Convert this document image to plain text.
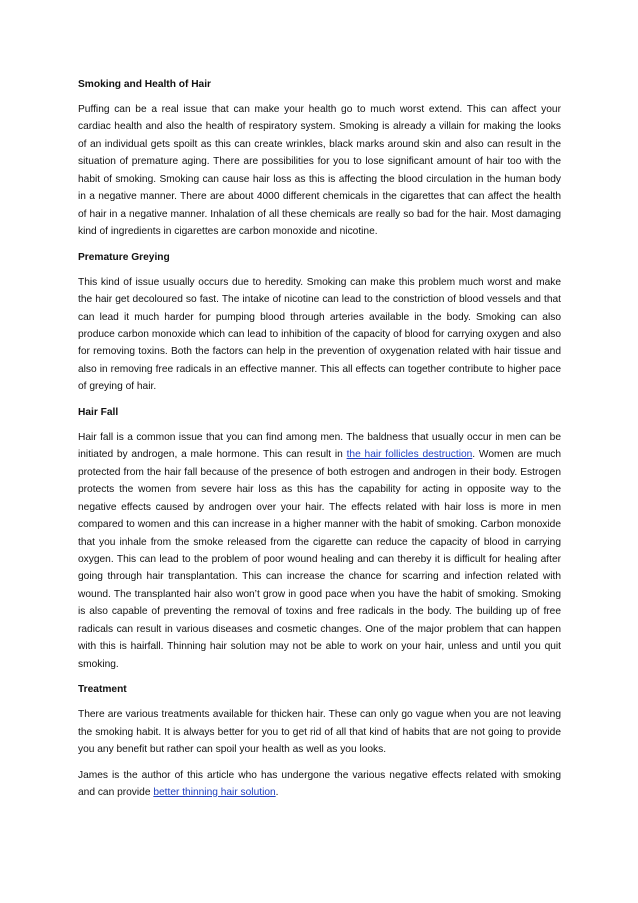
Smoking and Health of Hair
Puffing can be a real issue that can make your health go to much worst extend. This can affect your cardiac health and also the health of respiratory system. Smoking is already a villain for making the looks of an individual gets spoilt as this can create wrinkles, black marks around skin and also can result in the situation of premature aging. There are possibilities for you to lose significant amount of hair too with the habit of smoking. Smoking can cause hair loss as this is affecting the blood circulation in the human body in a negative manner. There are about 4000 different chemicals in the cigarettes that can affect the health of hair in a negative manner. Inhalation of all these chemicals are really so bad for the hair. Most damaging kind of ingredients in cigarettes are carbon monoxide and nicotine.
Premature Greying
This kind of issue usually occurs due to heredity. Smoking can make this problem much worst and make the hair get decoloured so fast. The intake of nicotine can lead to the constriction of blood vessels and that can lead it much harder for pumping blood through arteries available in the body. Smoking can also produce carbon monoxide which can lead to inhibition of the capacity of blood for carrying oxygen and also for removing toxins. Both the factors can help in the prevention of oxygenation related with hair tissue and also in removing free radicals in an effective manner. This all effects can together contribute to higher pace of greying of hair.
Hair Fall
Hair fall is a common issue that you can find among men. The baldness that usually occur in men can be initiated by androgen, a male hormone. This can result in the hair follicles destruction. Women are much protected from the hair fall because of the presence of both estrogen and androgen in their body. Estrogen protects the women from severe hair loss as this has the capability for acting in opposite way to the negative effects caused by androgen over your hair. The effects related with hair loss is more in men compared to women and this can increase in a higher manner with the habit of smoking. Carbon monoxide that you inhale from the smoke released from the cigarette can reduce the capacity of blood in carrying oxygen. This can lead to the problem of poor wound healing and can thereby it is difficult for healing after going through hair transplantation. This can increase the chance for scarring and infection related with wound. The transplanted hair also won’t grow in good pace when you have the habit of smoking. Smoking is also capable of preventing the removal of toxins and free radicals in the body. The building up of free radicals can result in various diseases and cosmetic changes. One of the major problem that can happen with this is hairfall. Thinning hair solution may not be able to work on your hair, unless and until you quit smoking.
Treatment
There are various treatments available for thicken hair. These can only go vague when you are not leaving the smoking habit. It is always better for you to get rid of all that kind of habits that are not going to provide you any benefit but rather can spoil your health as well as you looks.
James is the author of this article who has undergone the various negative effects related with smoking and can provide better thinning hair solution.
